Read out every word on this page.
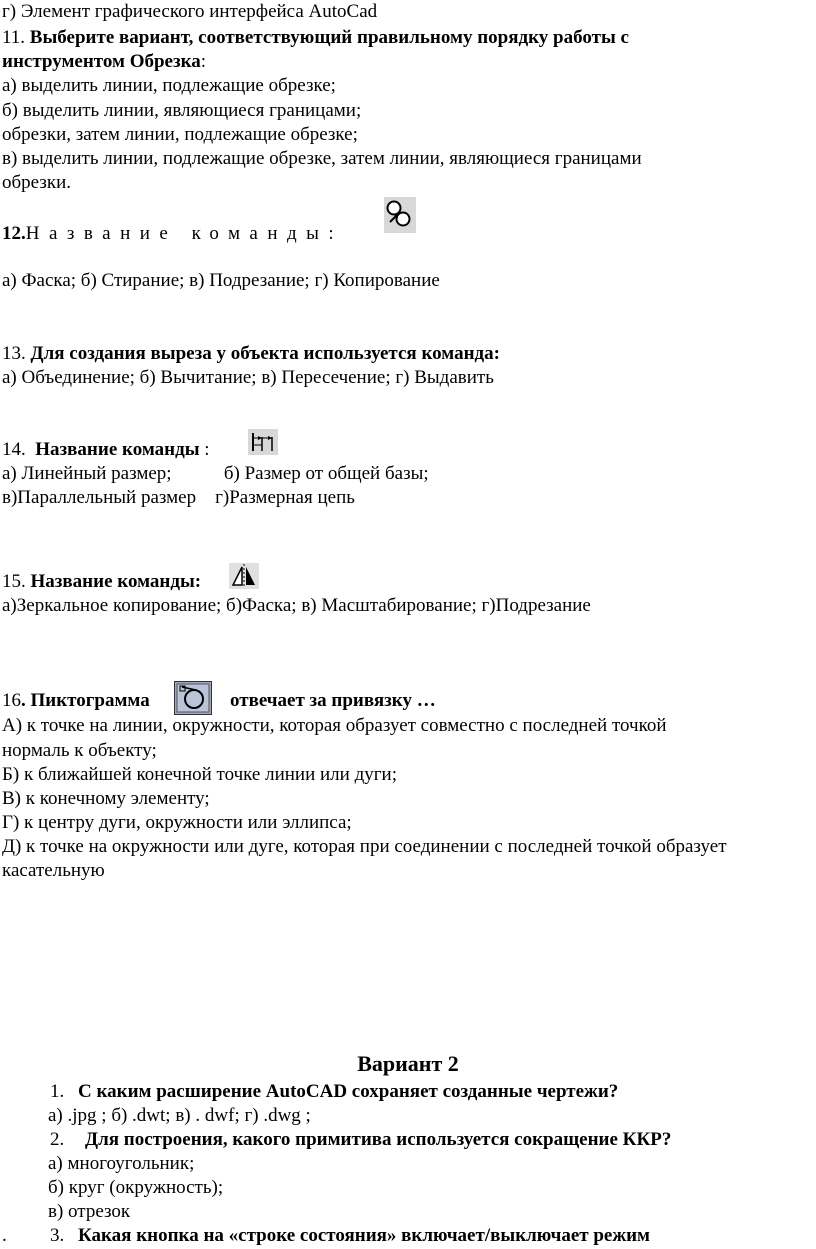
г) Элемент графического интерфейса AutoCad
11. Выберите вариант, соответствующий правильному порядку работы с
инструментом Обрезка:
а) выделить линии, подлежащие обрезке;
б) выделить линии, являющиеся границами;
обрезки, затем линии, подлежащие обрезке;
в) выделить линии, подлежащие обрезке, затем линии, являющиеся границами
обрезки.
12.Название команды:
а) Фаска; б) Стирание; в) Подрезание; г) Копирование
13. Для создания выреза у объекта используется команда:
а) Объединение; б) Вычитание; в) Пересечение; г) Выдавить
14. Название команды :
а) Линейный размер;           б) Размер от общей базы;
в)Параллельный размер    г)Размерная цепь
15. Название команды:
а)Зеркальное копирование; б)Фаска; в) Масштабирование; г)Подрезание
16. Пиктограмма	отвечает за привязку …
А) к точке на линии, окружности, которая образует совместно с последней точкой
нормаль к объекту;
Б) к ближайшей конечной точке линии или дуги;
В) к конечному элементу;
Г) к центру дуги, окружности или эллипса;
Д) к точке на окружности или дуге, которая при соединении с последней точкой образует
касательную
Вариант 2
1. С каким расширение AutoCAD сохраняет созданные чертежи?
а) .jpg ; б) .dwt; в) . dwf; г) .dwg ;
2. Для построения, какого примитива используется сокращение ККР?
а) многоугольник;
б) круг (окружность);
в) отрезок
. 3. Какая кнопка на «строке состояния» включает/выключает режим
